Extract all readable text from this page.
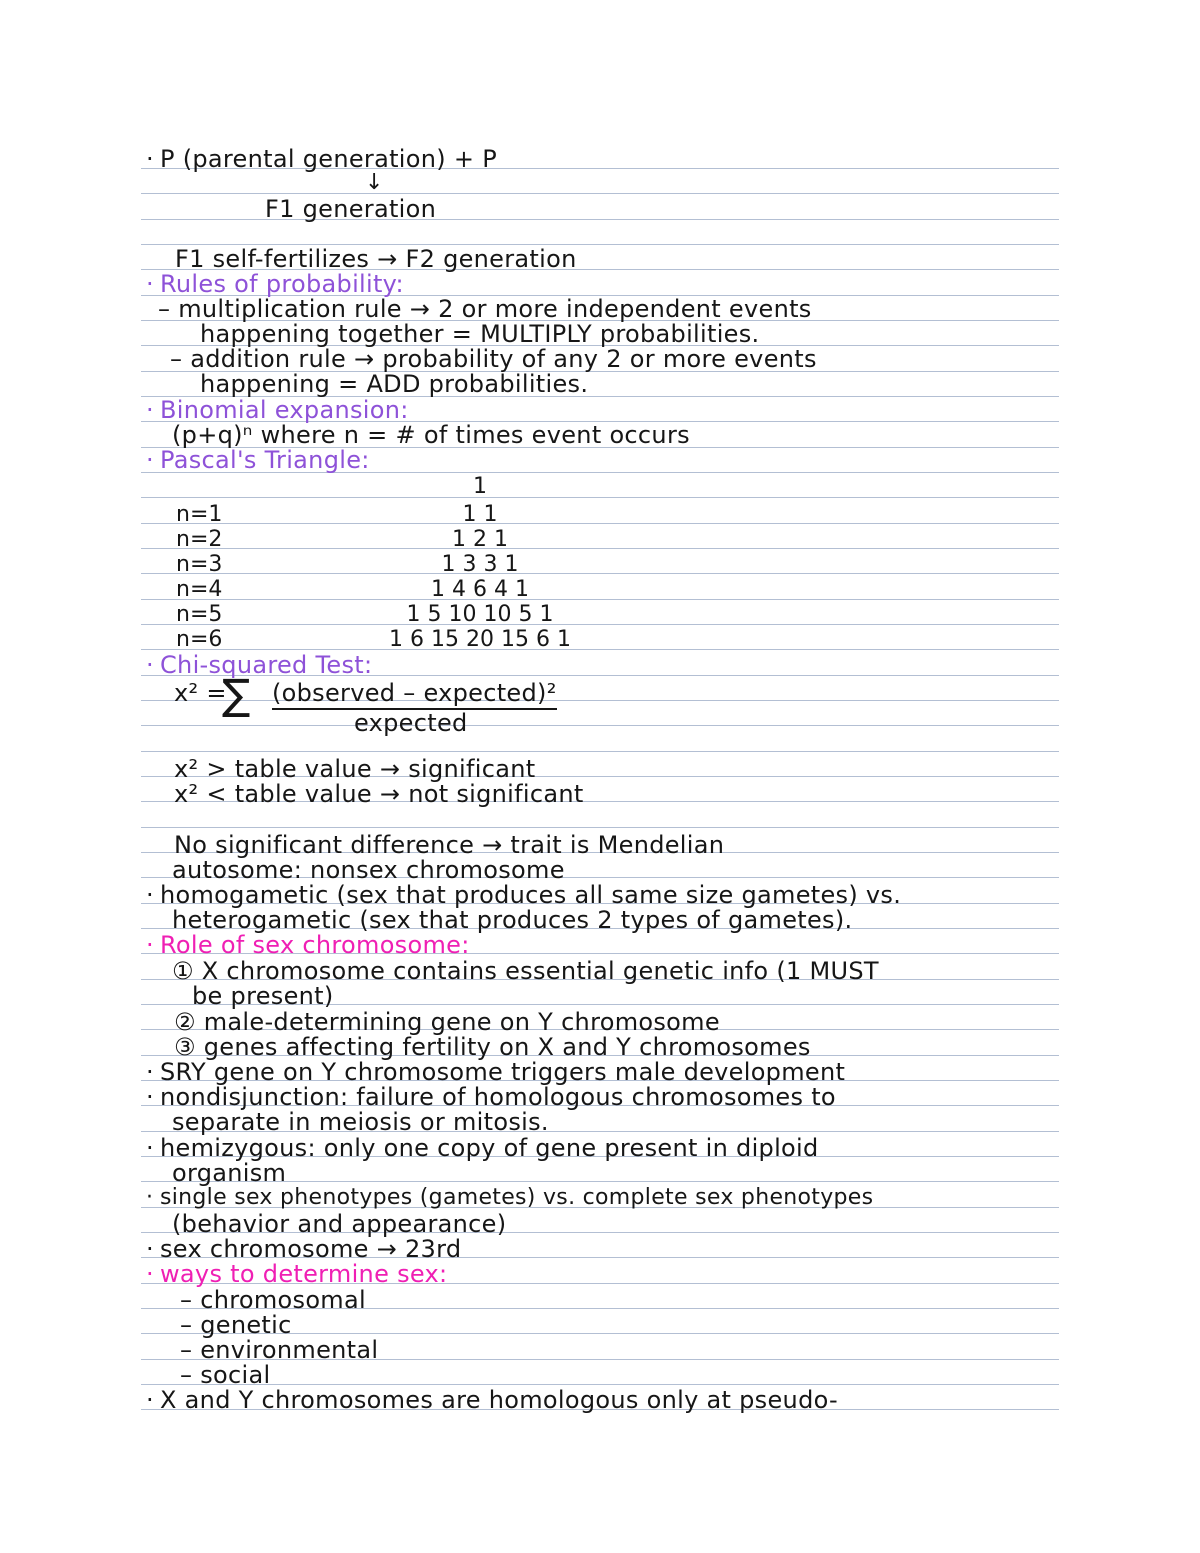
· P (parental generation) + P
↓
F1 generation
F1 self-fertilizes → F2 generation
· Rules of probability:
– multiplication rule → 2 or more independent events
happening together = MULTIPLY probabilities.
– addition rule → probability of any 2 or more events
happening = ADD probabilities.
· Binomial expansion:
(p+q)ⁿ where n = # of times event occurs
· Pascal's Triangle:
1
n=1	1 1
n=2	1 2 1
n=3	1 3 3 1
n=4	1 4 6 4 1
n=5	1 5 10 10 5 1
n=6	1 6 15 20 15 6 1
· Chi-squared Test:
x² =
∑ (observed – expected)²
expected
x² > table value → significant
x² < table value → not significant
No significant difference → trait is Mendelian
autosome: nonsex chromosome
· homogametic (sex that produces all same size gametes) vs.
heterogametic (sex that produces 2 types of gametes).
· Role of sex chromosome:
① X chromosome contains essential genetic info (1 MUST
be present)
② male-determining gene on Y chromosome
③ genes affecting fertility on X and Y chromosomes
· SRY gene on Y chromosome triggers male development
· nondisjunction: failure of homologous chromosomes to
separate in meiosis or mitosis.
· hemizygous: only one copy of gene present in diploid
organism
· single sex phenotypes (gametes) vs. complete sex phenotypes
(behavior and appearance)
· sex chromosome → 23rd
· ways to determine sex:
– chromosomal
– genetic
– environmental
– social
· X and Y chromosomes are homologous only at pseudo-
